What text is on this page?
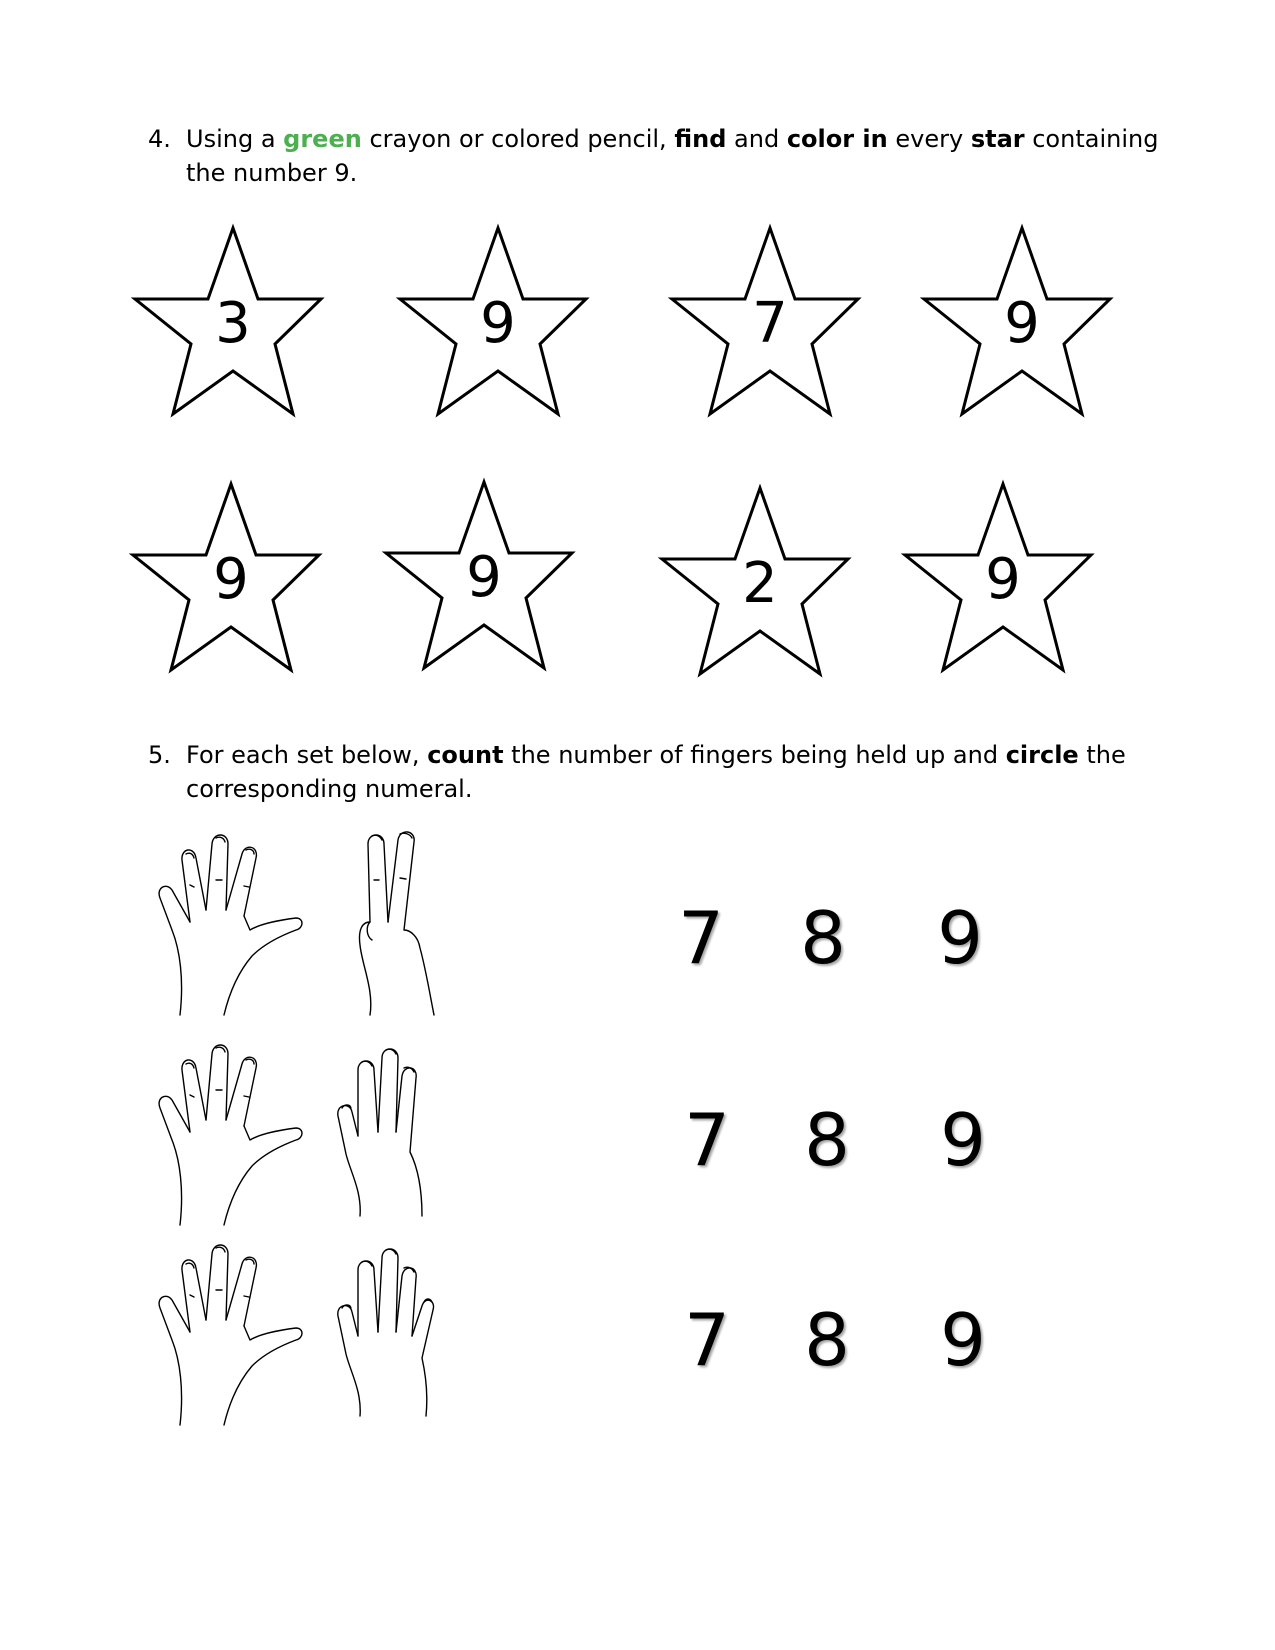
4. Using a green crayon or colored pencil, find and color in every star containing the number 9.
3	9	7	9
9	9	2	9
5. For each set below, count the number of fingers being held up and circle the corresponding numeral.
7 8 9
7 8 9
7 8 9
